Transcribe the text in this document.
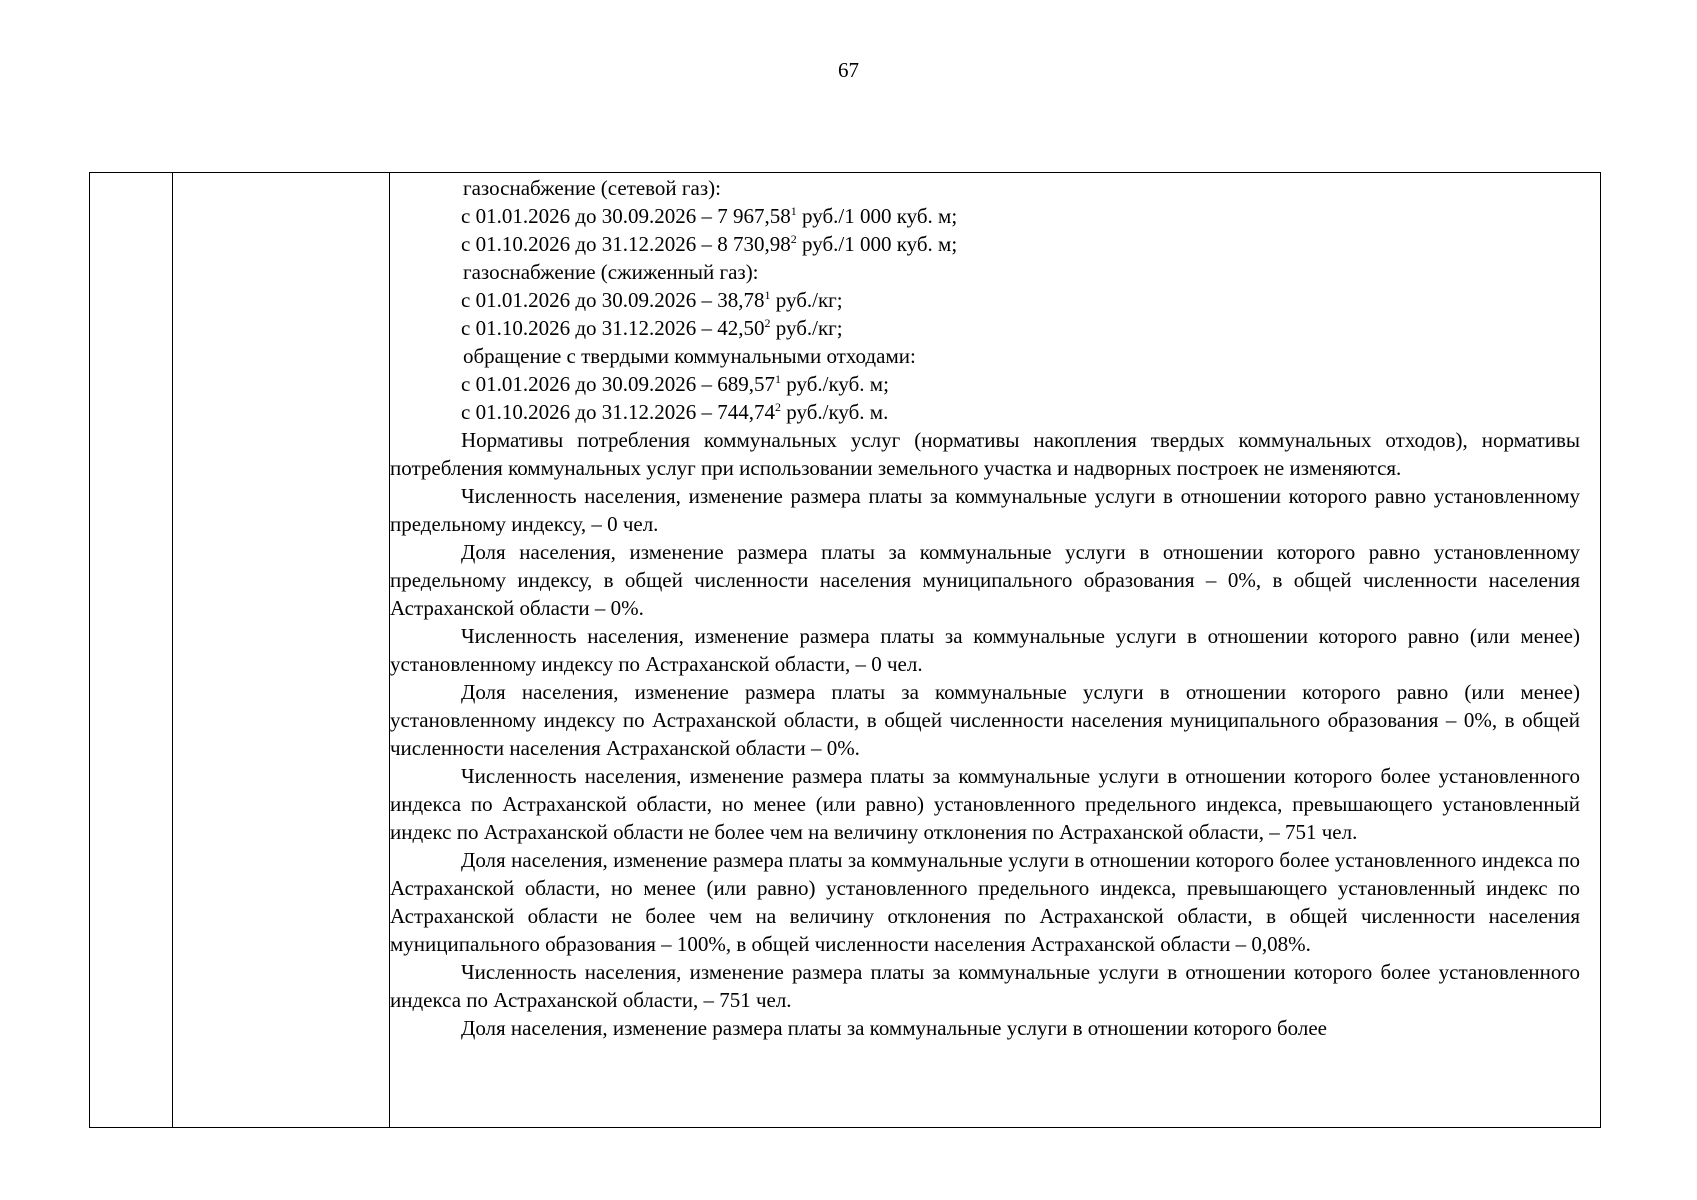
67
газоснабжение (сетевой газ):
с 01.01.2026 до 30.09.2026 – 7 967,58$^1$ руб./1 000 куб. м;
с 01.10.2026 до 31.12.2026 – 8 730,98$^2$ руб./1 000 куб. м;
газоснабжение (сжиженный газ):
с 01.01.2026 до 30.09.2026 – 38,78$^1$ руб./кг;
с 01.10.2026 до 31.12.2026 – 42,50$^2$ руб./кг;
обращение с твердыми коммунальными отходами:
с 01.01.2026 до 30.09.2026 – 689,57$^1$ руб./куб. м;
с 01.10.2026 до 31.12.2026 – 744,74$^2$ руб./куб. м.

Нормативы потребления коммунальных услуг (нормативы накопления твердых коммунальных отходов), нормативы потребления коммунальных услуг при использовании земельного участка и надворных построек не изменяются.

Численность населения, изменение размера платы за коммунальные услуги в отношении которого равно установленному предельному индексу, – 0 чел.

Доля населения, изменение размера платы за коммунальные услуги в отношении которого равно установленному предельному индексу, в общей численности населения муниципального образования – 0%, в общей численности населения Астраханской области – 0%.

Численность населения, изменение размера платы за коммунальные услуги в отношении которого равно (или менее) установленному индексу по Астраханской области, – 0 чел.

Доля населения, изменение размера платы за коммунальные услуги в отношении которого равно (или менее) установленному индексу по Астраханской области, в общей численности населения муниципального образования – 0%, в общей численности населения Астраханской области – 0%.

Численность населения, изменение размера платы за коммунальные услуги в отношении которого более установленного индекса по Астраханской области, но менее (или равно) установленного предельного индекса, превышающего установленный индекс по Астраханской области не более чем на величину отклонения по Астраханской области, – 751 чел.

Доля населения, изменение размера платы за коммунальные услуги в отношении которого более установленного индекса по Астраханской области, но менее (или равно) установленного предельного индекса, превышающего установленный индекс по Астраханской области не более чем на величину отклонения по Астраханской области, в общей численности населения муниципального образования – 100%, в общей численности населения Астраханской области – 0,08%.

Численность населения, изменение размера платы за коммунальные услуги в отношении которого более установленного индекса по Астраханской области, – 751 чел.

Доля населения, изменение размера платы за коммунальные услуги в отношении которого более
